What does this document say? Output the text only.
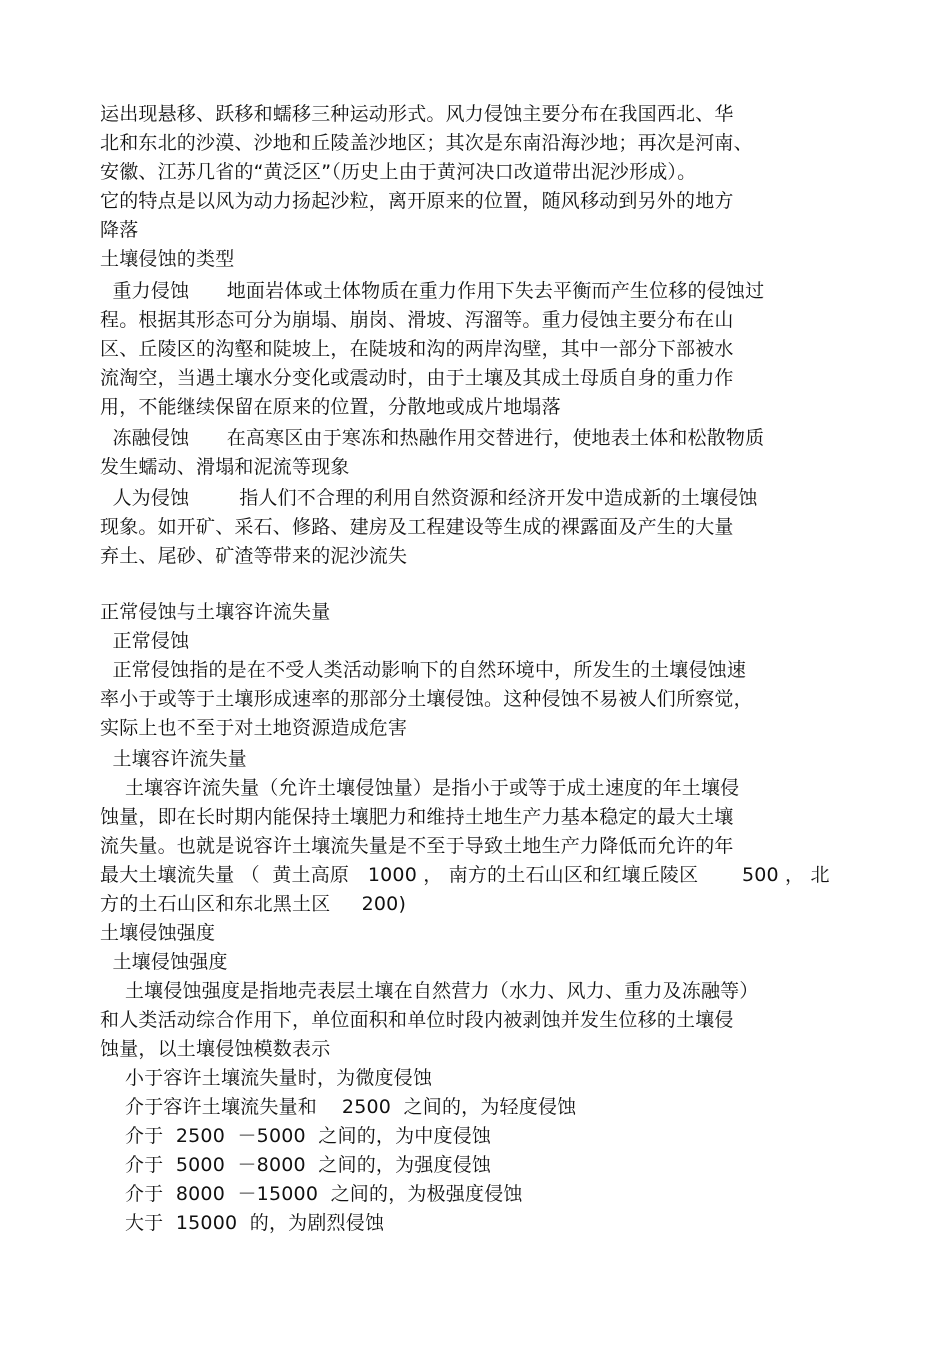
运出现悬移、跃移和蠕移三种运动形式。风力侵蚀主要分布在我国西北、华
北和东北的沙漠、沙地和丘陵盖沙地区；其次是东南沿海沙地；再次是河南、
安徽、江苏几省的“黄泛区”（历史上由于黄河决口改道带出泥沙形成）。
它的特点是以风为动力扬起沙粒，离开原来的位置，随风移动到另外的地方
降落
土壤侵蚀的类型
重力侵蚀      地面岩体或土体物质在重力作用下失去平衡而产生位移的侵蚀过
程。根据其形态可分为崩塌、崩岗、滑坡、泻溜等。重力侵蚀主要分布在山
区、丘陵区的沟壑和陡坡上，在陡坡和沟的两岸沟壁，其中一部分下部被水
流淘空，当遇土壤水分变化或震动时，由于土壤及其成土母质自身的重力作
用，不能继续保留在原来的位置，分散地或成片地塌落
冻融侵蚀      在高寒区由于寒冻和热融作用交替进行，使地表土体和松散物质
发生蠕动、滑塌和泥流等现象
人为侵蚀        指人们不合理的利用自然资源和经济开发中造成新的土壤侵蚀
现象。如开矿、采石、修路、建房及工程建设等生成的裸露面及产生的大量
弃土、尾砂、矿渣等带来的泥沙流失
正常侵蚀与土壤容许流失量
正常侵蚀
正常侵蚀指的是在不受人类活动影响下的自然环境中，所发生的土壤侵蚀速
率小于或等于土壤形成速率的那部分土壤侵蚀。这种侵蚀不易被人们所察觉，
实际上也不至于对土地资源造成危害
土壤容许流失量
土壤容许流失量（允许土壤侵蚀量）是指小于或等于成土速度的年土壤侵
蚀量，即在长时期内能保持土壤肥力和维持土地生产力基本稳定的最大土壤
流失量。也就是说容许土壤流失量是不至于导致土地生产力降低而允许的年
最大土壤流失量 （  黄土高原   1000 ， 南方的土石山区和红壤丘陵区       500 ， 北
方的土石山区和东北黑土区     200)
土壤侵蚀强度
土壤侵蚀强度
土壤侵蚀强度是指地壳表层土壤在自然营力（水力、风力、重力及冻融等）
和人类活动综合作用下，单位面积和单位时段内被剥蚀并发生位移的土壤侵
蚀量，以土壤侵蚀模数表示
小于容许土壤流失量时，为微度侵蚀
介于容许土壤流失量和    2500  之间的，为轻度侵蚀
介于  2500  －5000  之间的，为中度侵蚀
介于  5000  －8000  之间的，为强度侵蚀
介于  8000  －15000  之间的，为极强度侵蚀
大于  15000  的，为剧烈侵蚀
